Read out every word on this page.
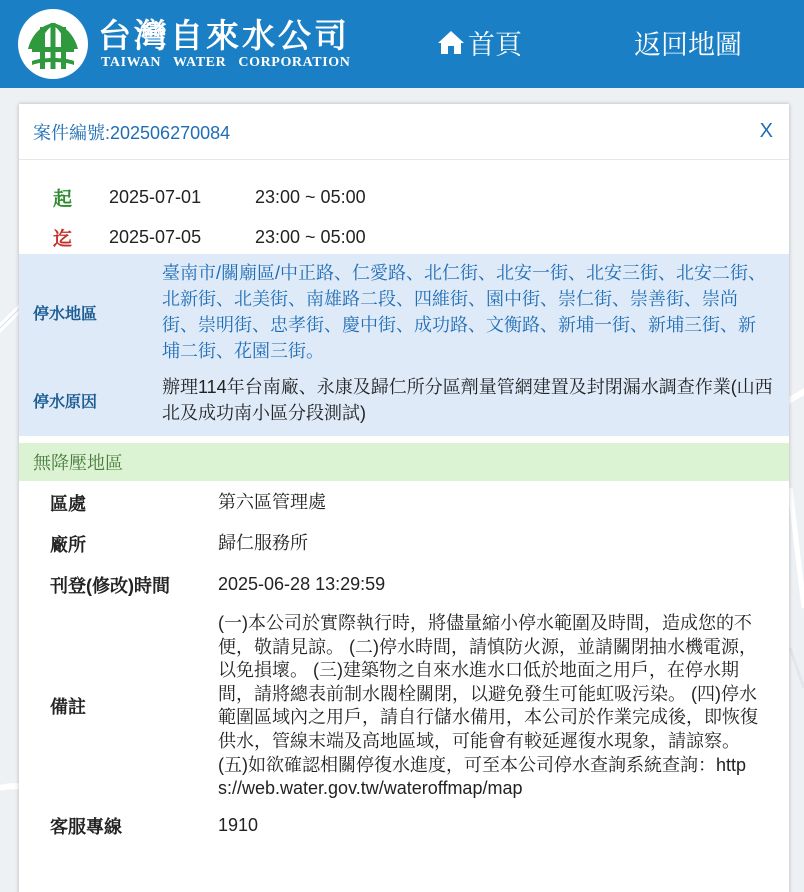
台灣自來水公司
TAIWAN WATER CORPORATION
首頁	返回地圖
案件編號:202506270084	X
起	2025-07-01	23:00 ~ 05:00
迄	2025-07-05	23:00 ~ 05:00
停水地區
臺南市/關廟區/中正路、仁愛路、北仁街、北安一街、北安三街、北安二街、北新街、北美街、南雄路二段、四維街、園中街、崇仁街、崇善街、崇尚街、崇明街、忠孝街、慶中街、成功路、文衡路、新埔一街、新埔三街、新埔二街、花園三街。
停水原因
辦理114年台南廠、永康及歸仁所分區劑量管網建置及封閉漏水調查作業(山西北及成功南小區分段測試)
無降壓地區
區處	第六區管理處
廠所	歸仁服務所
刊登(修改)時間	2025-06-28 13:29:59
備註
(一)本公司於實際執行時，將儘量縮小停水範圍及時間，造成您的不便，敬請見諒。 (二)停水時間，請慎防火源，並請關閉抽水機電源，以免損壞。 (三)建築物之自來水進水口低於地面之用戶，在停水期間，請將總表前制水閥栓關閉，以避免發生可能虹吸污染。 (四)停水範圍區域內之用戶，請自行儲水備用，本公司於作業完成後，即恢復供水，管線末端及高地區域，可能會有較延遲復水現象，請諒察。 (五)如欲確認相關停復水進度，可至本公司停水查詢系統查詢：https://web.water.gov.tw/wateroffmap/map
客服專線	1910
